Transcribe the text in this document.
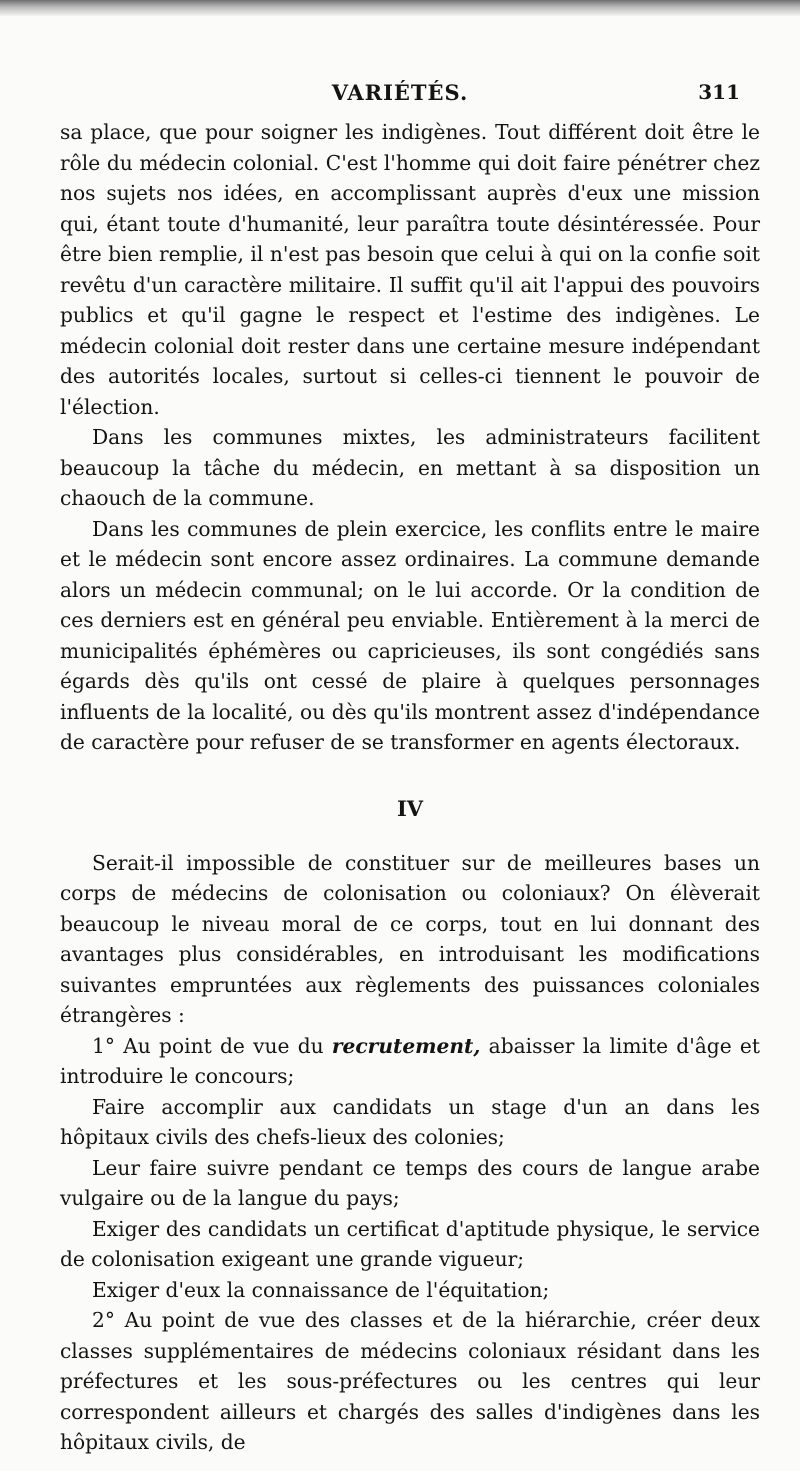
VARIÉTÉS.	311

sa place, que pour soigner les indigènes. Tout différent doit être le rôle du médecin colonial. C'est l'homme qui doit faire pénétrer chez nos sujets nos idées, en accomplissant auprès d'eux une mission qui, étant toute d'humanité, leur paraîtra toute désintéressée. Pour être bien remplie, il n'est pas besoin que celui à qui on la confie soit revêtu d'un caractère militaire. Il suffit qu'il ait l'appui des pouvoirs publics et qu'il gagne le respect et l'estime des indigènes. Le médecin colonial doit rester dans une certaine mesure indépendant des autorités locales, surtout si celles-ci tiennent le pouvoir de l'élection.

Dans les communes mixtes, les administrateurs facilitent beaucoup la tâche du médecin, en mettant à sa disposition un chaouch de la commune.

Dans les communes de plein exercice, les conflits entre le maire et le médecin sont encore assez ordinaires. La commune demande alors un médecin communal; on le lui accorde. Or la condition de ces derniers est en général peu enviable. Entièrement à la merci de municipalités éphémères ou capricieuses, ils sont congédiés sans égards dès qu'ils ont cessé de plaire à quelques personnages influents de la localité, ou dès qu'ils montrent assez d'indépendance de caractère pour refuser de se transformer en agents électoraux.

IV

Serait-il impossible de constituer sur de meilleures bases un corps de médecins de colonisation ou coloniaux? On élèverait beaucoup le niveau moral de ce corps, tout en lui donnant des avantages plus considérables, en introduisant les modifications suivantes empruntées aux règlements des puissances coloniales étrangères :

1° Au point de vue du recrutement, abaisser la limite d'âge et introduire le concours;

Faire accomplir aux candidats un stage d'un an dans les hôpitaux civils des chefs-lieux des colonies;

Leur faire suivre pendant ce temps des cours de langue arabe vulgaire ou de la langue du pays;

Exiger des candidats un certificat d'aptitude physique, le service de colonisation exigeant une grande vigueur;

Exiger d'eux la connaissance de l'équitation;

2° Au point de vue des classes et de la hiérarchie, créer deux classes supplémentaires de médecins coloniaux résidant dans les préfectures et les sous-préfectures ou les centres qui leur correspondent ailleurs et chargés des salles d'indigènes dans les hôpitaux civils, de
